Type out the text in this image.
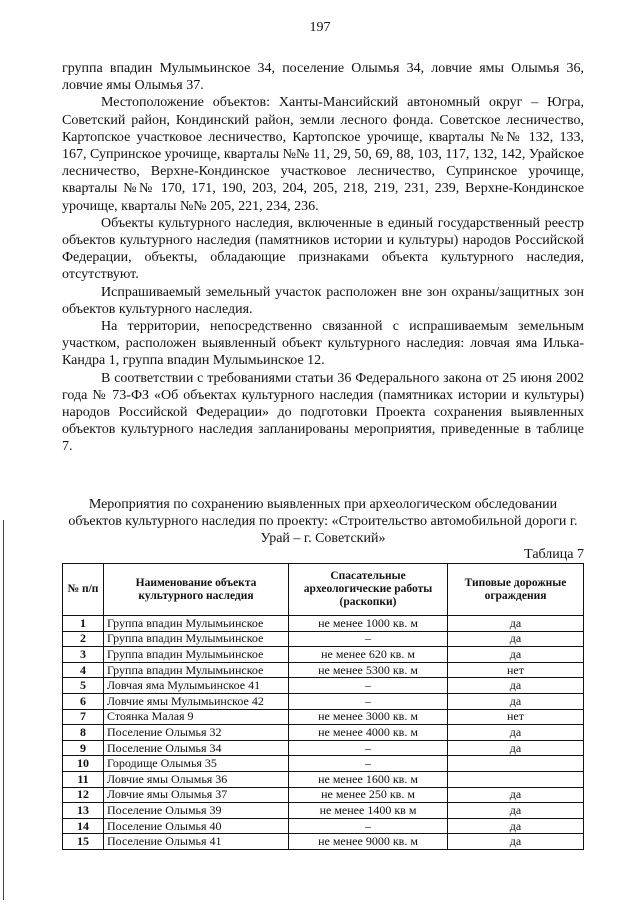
197

группа впадин Мулымьинское 34, поселение Олымья 34, ловчие ямы Олымья 36, ловчие ямы Олымья 37.

Местоположение объектов: Ханты-Мансийский автономный округ – Югра, Советский район, Кондинский район, земли лесного фонда. Советское лесничество, Картопское участковое лесничество, Картопское урочище, кварталы №№ 132, 133, 167, Супринское урочище, кварталы №№ 11, 29, 50, 69, 88, 103, 117, 132, 142, Урайское лесничество, Верхне-Кондинское участковое лесничество, Супринское урочище, кварталы №№ 170, 171, 190, 203, 204, 205, 218, 219, 231, 239, Верхне-Кондинское урочище, кварталы №№ 205, 221, 234, 236.

Объекты культурного наследия, включенные в единый государственный реестр объектов культурного наследия (памятников истории и культуры) народов Российской Федерации, объекты, обладающие признаками объекта культурного наследия, отсутствуют.

Испрашиваемый земельный участок расположен вне зон охраны/защитных зон объектов культурного наследия.

На территории, непосредственно связанной с испрашиваемым земельным участком, расположен выявленный объект культурного наследия: ловчая яма Илька-Кандра 1, группа впадин Мулымьинское 12.

В соответствии с требованиями статьи 36 Федерального закона от 25 июня 2002 года № 73-ФЗ «Об объектах культурного наследия (памятниках истории и культуры) народов Российской Федерации» до подготовки Проекта сохранения выявленных объектов культурного наследия запланированы мероприятия, приведенные в таблице 7.

Мероприятия по сохранению выявленных при археологическом обследовании объектов культурного наследия по проекту: «Строительство автомобильной дороги г. Урай – г. Советский»
Таблица 7
№ п/п	Наименование объекта культурного наследия	Спасательные археологические работы (раскопки)	Типовые дорожные ограждения
1	Группа впадин Мулымьинское	не менее 1000 кв. м	да
2	Группа впадин Мулымьинское	–	да
3	Группа впадин Мулымьинское	не менее 620 кв. м	да
4	Группа впадин Мулымьинское	не менее 5300 кв. м	нет
5	Ловчая яма Мулымьинское 41	–	да
6	Ловчие ямы Мулымьинское 42	–	да
7	Стоянка Малая 9	не менее 3000 кв. м	нет
8	Поселение Олымья 32	не менее 4000 кв. м	да
9	Поселение Олымья 34	–	да
10	Городище Олымья 35	–	
11	Ловчие ямы Олымья 36	не менее 1600 кв. м	
12	Ловчие ямы Олымья 37	не менее 250 кв. м	да
13	Поселение Олымья 39	не менее 1400 кв м	да
14	Поселение Олымья 40	–	да
15	Поселение Олымья 41	не менее 9000 кв. м	да
